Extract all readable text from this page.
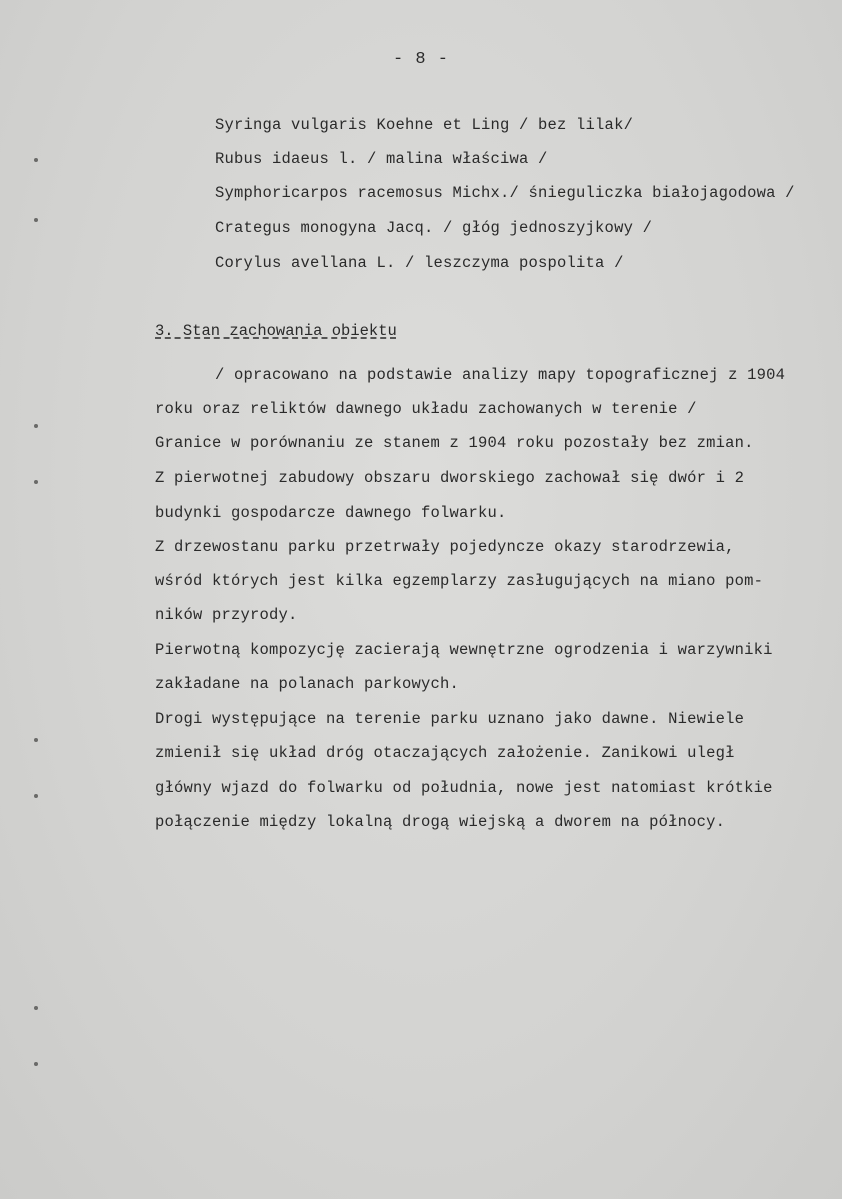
- 8 -
Syringa vulgaris Koehne et Ling / bez lilak/
Rubus idaeus l. / malina właściwa /
Symphoricarpos racemosus Michx./ śnieguliczka białojagodowa /
Crategus monogyna Jacq. / głóg jednoszyjkowy /
Corylus avellana L. / leszczyma pospolita /
3. Stan zachowania obiektu
/ opracowano na podstawie analizy mapy topograficznej z 1904
roku oraz reliktów dawnego układu zachowanych w terenie /
Granice w porównaniu ze stanem z 1904 roku pozostały bez zmian.
Z pierwotnej zabudowy obszaru dworskiego zachował się dwór i 2
budynki gospodarcze dawnego folwarku.
Z drzewostanu parku przetrwały pojedyncze okazy starodrzewia,
wśród których jest kilka egzemplarzy zasługujących na miano pom-
ników przyrody.
Pierwotną kompozycję zacierają wewnętrzne ogrodzenia i warzywniki
zakładane na polanach parkowych.
Drogi występujące na terenie parku uznano jako dawne. Niewiele
zmienił się układ dróg otaczających założenie. Zanikowi uległ
główny wjazd do folwarku od południa, nowe jest natomiast krótkie
połączenie między lokalną drogą wiejską a dworem na północy.
